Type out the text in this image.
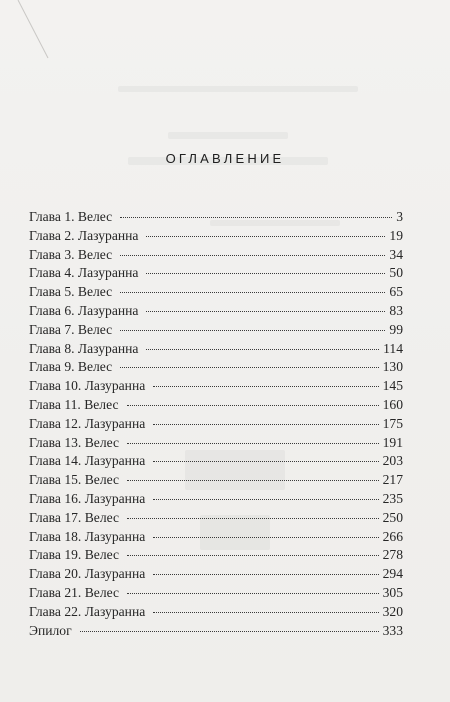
оглавление
Глава 1. Велес	3
Глава 2. Лазуранна	19
Глава 3. Велес	34
Глава 4. Лазуранна	50
Глава 5. Велес	65
Глава 6. Лазуранна	83
Глава 7. Велес	99
Глава 8. Лазуранна	114
Глава 9. Велес	130
Глава 10. Лазуранна	145
Глава 11. Велес	160
Глава 12. Лазуранна	175
Глава 13. Велес	191
Глава 14. Лазуранна	203
Глава 15. Велес	217
Глава 16. Лазуранна	235
Глава 17. Велес	250
Глава 18. Лазуранна	266
Глава 19. Велес	278
Глава 20. Лазуранна	294
Глава 21. Велес	305
Глава 22. Лазуранна	320
Эпилог	333
